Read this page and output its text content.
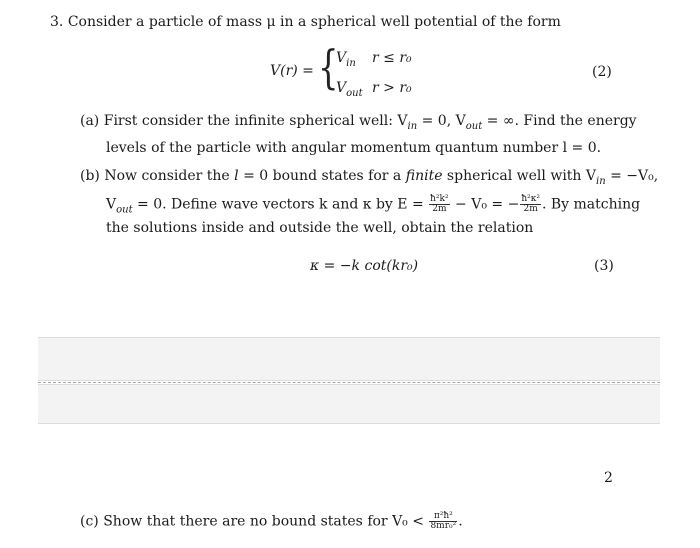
3. Consider a particle of mass μ in a spherical well potential of the form
V(r) = {
$V_{in}$ r ≤ r₀
$V_{out}$ r > r₀
(2)
(a) First consider the infinite spherical well: $V_{in} = 0$, $V_{out}$ = ∞. Find the energy
levels of the particle with angular momentum quantum number l = 0.
(b) Now consider the l = 0 bound states for a finite spherical well with $V_{in} = -V_0$,
$V_{out} = 0$. Define wave vectors k and κ by $E = \frac{\text{ħ²k²}}{2m} - V_0$ = − $\frac{\text{ħ²κ²}}{2m}$ . By matching
the solutions inside and outside the well, obtain the relation
κ = −k cot(kr₀)	(3)
2
(c) Show that there are no bound states for $V_0 < \frac{\text{π²ħ²}}{\text{8mr₀²}}$ .
